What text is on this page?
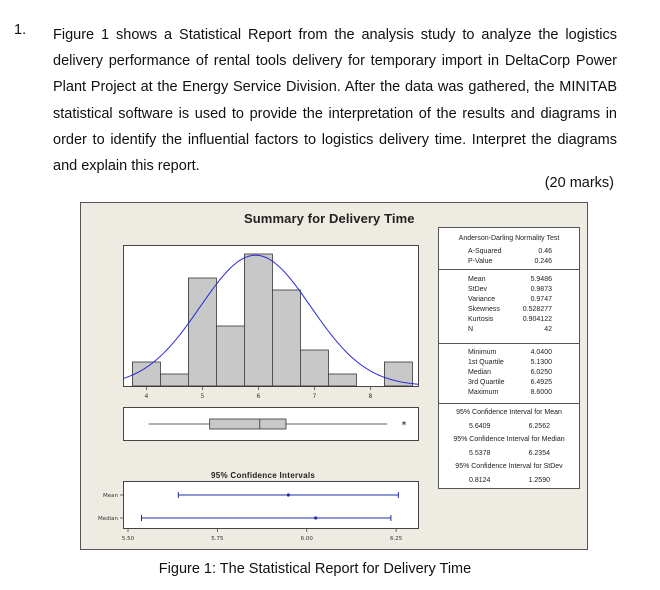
1. Figure 1 shows a Statistical Report from the analysis study to analyze the logistics delivery performance of rental tools delivery for temporary import in DeltaCorp Power Plant Project at the Energy Service Division. After the data was gathered, the MINITAB statistical software is used to provide the interpretation of the results and diagrams in order to identify the influential factors to logistics delivery time. Interpret the diagrams and explain this report.
(20 marks)
Summary for Delivery Time
4	5	6	7	8
*
95% Confidence Intervals
Mean
Median
5.50	5.75	6.00	6.25
Anderson-Darling Normality Test
A-Squared	0.46
P-Value	0.246
Mean	5.9486
StDev	0.9873
Variance	0.9747
Skewness	0.528277
Kurtosis	0.904122
N	42
Minimum	4.0400
1st Quartile	5.1300
Median	6.0250
3rd Quartile	6.4925
Maximum	8.6000
95% Confidence Interval for Mean
5.6409	6.2562
95% Confidence Interval for Median
5.5378	6.2354
95% Confidence Interval for StDev
0.8124	1.2590
Figure 1: The Statistical Report for Delivery Time
